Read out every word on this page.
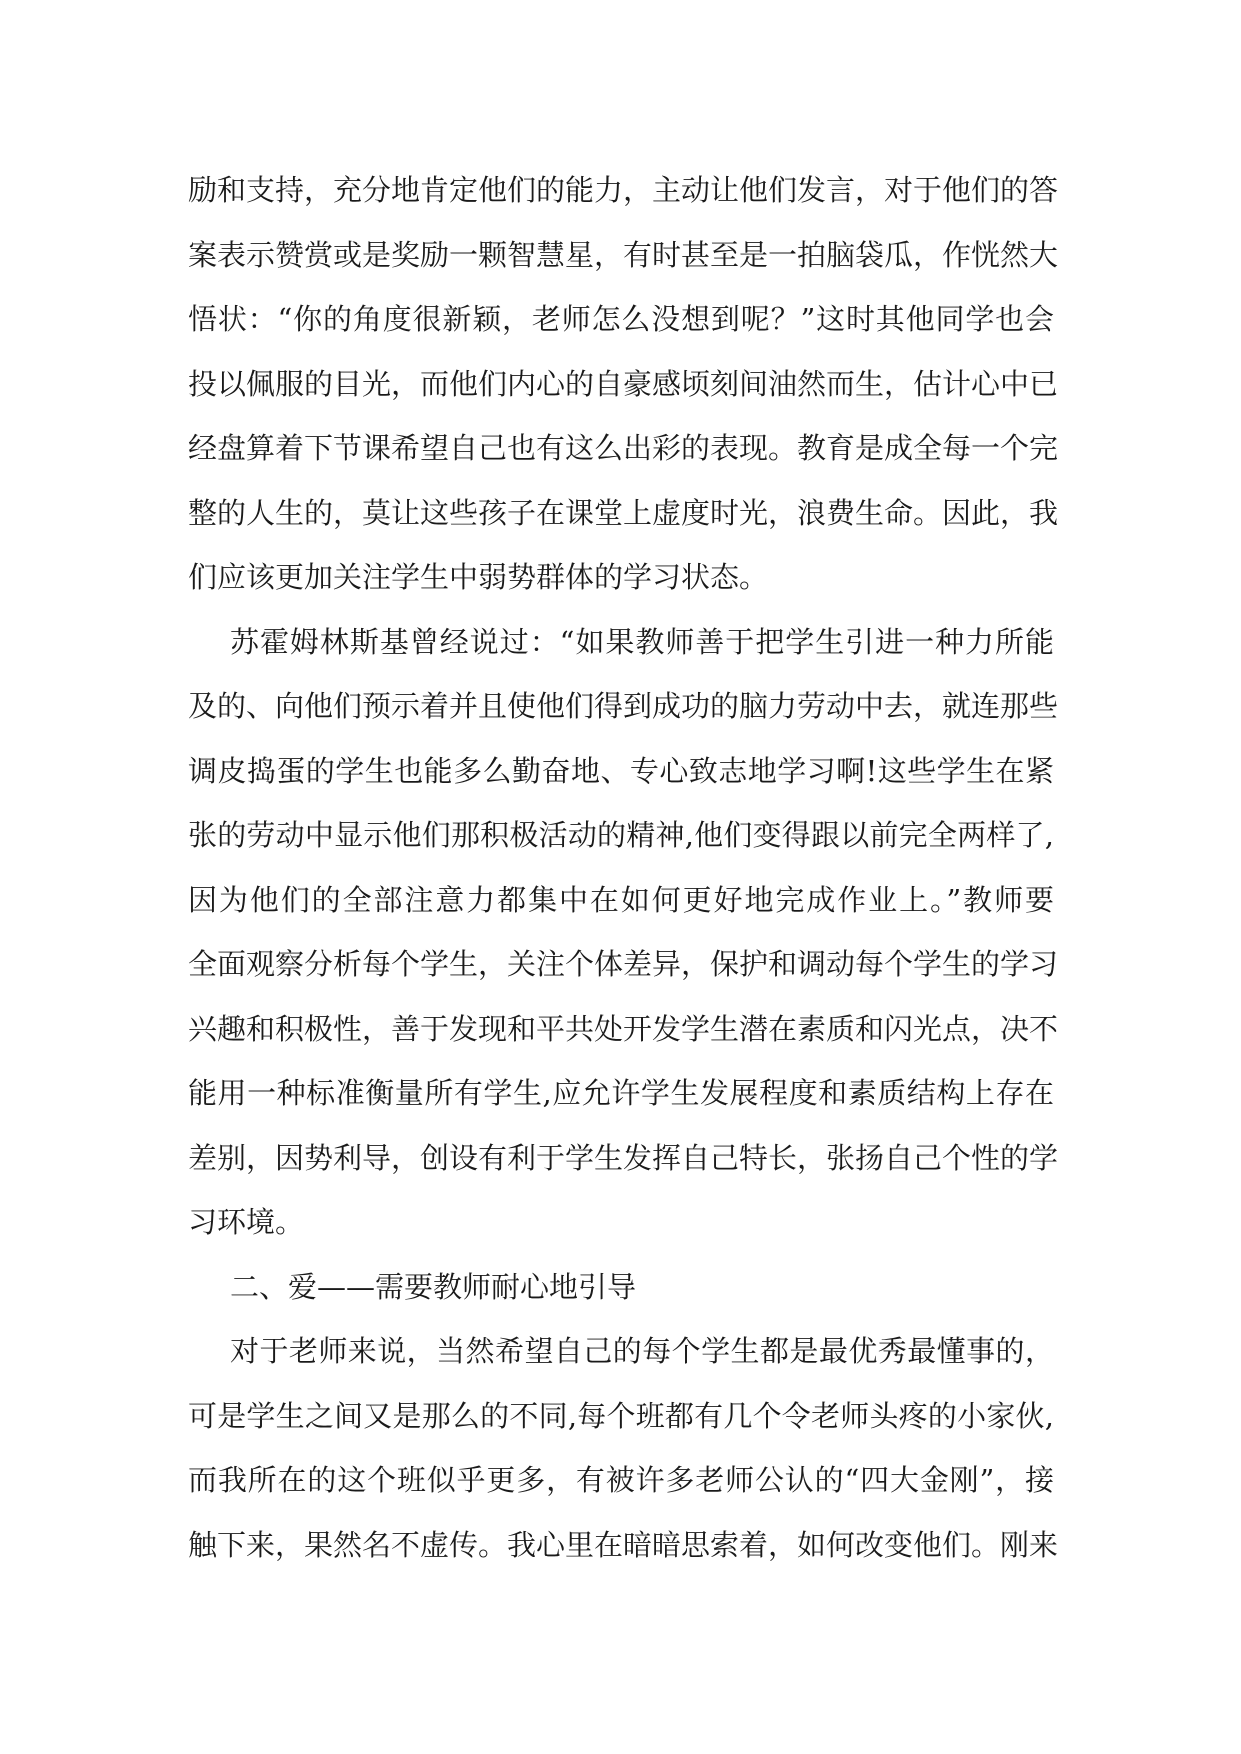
励和支持，充分地肯定他们的能力，主动让他们发言，对于他们的答
案表示赞赏或是奖励一颗智慧星，有时甚至是一拍脑袋瓜，作恍然大
悟状：“你的角度很新颖，老师怎么没想到呢？”这时其他同学也会
投以佩服的目光，而他们内心的自豪感顷刻间油然而生，估计心中已
经盘算着下节课希望自己也有这么出彩的表现。教育是成全每一个完
整的人生的，莫让这些孩子在课堂上虚度时光，浪费生命。因此，我
们应该更加关注学生中弱势群体的学习状态。
苏霍姆林斯基曾经说过：“如果教师善于把学生引进一种力所能
及的、向他们预示着并且使他们得到成功的脑力劳动中去，就连那些
调皮捣蛋的学生也能多么勤奋地、专心致志地学习啊!这些学生在紧
张的劳动中显示他们那积极活动的精神,他们变得跟以前完全两样了,
因为他们的全部注意力都集中在如何更好地完成作业上。”教师要
全面观察分析每个学生，关注个体差异，保护和调动每个学生的学习
兴趣和积极性，善于发现和平共处开发学生潜在素质和闪光点，决不
能用一种标准衡量所有学生,应允许学生发展程度和素质结构上存在
差别，因势利导，创设有利于学生发挥自己特长，张扬自己个性的学
习环境。
二、爱——需要教师耐心地引导
对于老师来说，当然希望自己的每个学生都是最优秀最懂事的，
可是学生之间又是那么的不同,每个班都有几个令老师头疼的小家伙,
而我所在的这个班似乎更多，有被许多老师公认的“四大金刚”，接
触下来，果然名不虚传。我心里在暗暗思索着，如何改变他们。刚来
